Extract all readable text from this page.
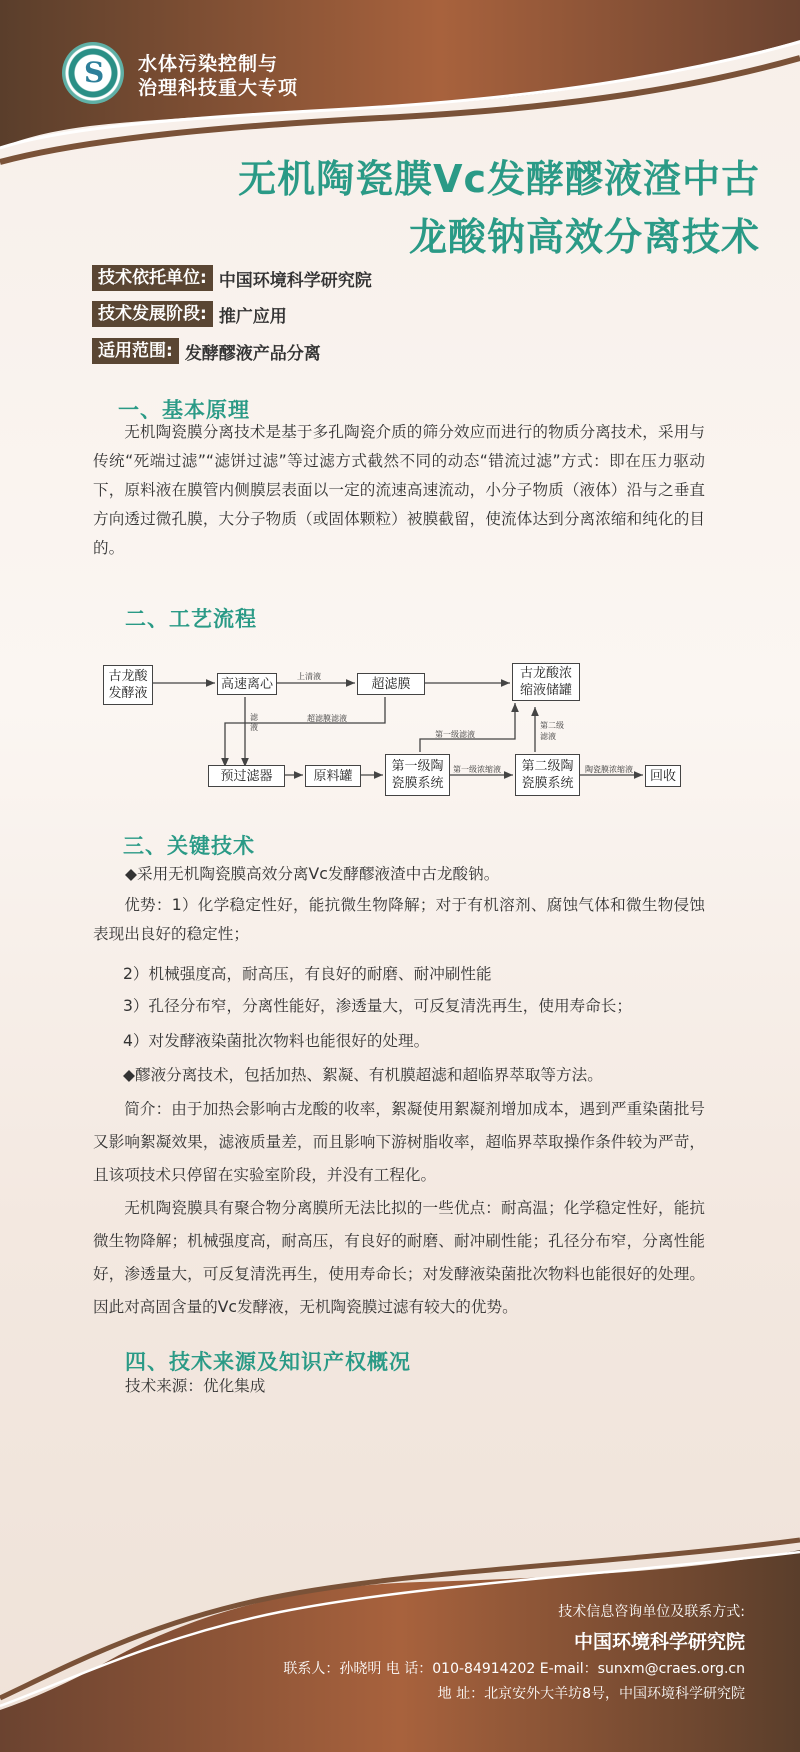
S 水体污染控制与
治理科技重大专项
无机陶瓷膜Vc发酵醪液渣中古
龙酸钠高效分离技术
技术依托单位: 中国环境科学研究院
技术发展阶段: 推广应用
适用范围: 发酵醪液产品分离
一、基本原理

无机陶瓷膜分离技术是基于多孔陶瓷介质的筛分效应而进行的物质分离技术，采用与传统“死端过滤”“滤饼过滤”等过滤方式截然不同的动态“错流过滤”方式：即在压力驱动下，原料液在膜管内侧膜层表面以一定的流速高速流动，小分子物质（液体）沿与之垂直方向透过微孔膜，大分子物质（或固体颗粒）被膜截留，使流体达到分离浓缩和纯化的目的。

二、工艺流程
古龙酸
发酵液
高速离心	超滤膜
古龙酸浓
缩液储罐
预过滤器	原料罐
第一级陶
瓷膜系统
第二级陶
瓷膜系统	回收
上清液
滤
液
超滤膜滤液
第一级滤液
第一级浓缩液
第二级
滤液
陶瓷膜浓缩液
三、关键技术
◆采用无机陶瓷膜高效分离Vc发酵醪液渣中古龙酸钠。

优势：1）化学稳定性好，能抗微生物降解；对于有机溶剂、腐蚀气体和微生物侵蚀表现出良好的稳定性；

2）机械强度高，耐高压，有良好的耐磨、耐冲刷性能
3）孔径分布窄，分离性能好，渗透量大，可反复清洗再生，使用寿命长；
4）对发酵液染菌批次物料也能很好的处理。
◆醪液分离技术，包括加热、絮凝、有机膜超滤和超临界萃取等方法。

简介：由于加热会影响古龙酸的收率，絮凝使用絮凝剂增加成本，遇到严重染菌批号又影响絮凝效果，滤液质量差，而且影响下游树脂收率，超临界萃取操作条件较为严苛，且该项技术只停留在实验室阶段，并没有工程化。

无机陶瓷膜具有聚合物分离膜所无法比拟的一些优点：耐高温；化学稳定性好，能抗微生物降解；机械强度高，耐高压，有良好的耐磨、耐冲刷性能；孔径分布窄，分离性能好，渗透量大，可反复清洗再生，使用寿命长；对发酵液染菌批次物料也能很好的处理。因此对高固含量的Vc发酵液，无机陶瓷膜过滤有较大的优势。

四、技术来源及知识产权概况
技术来源：优化集成
技术信息咨询单位及联系方式:
中国环境科学研究院
联系人：孙晓明 电 话：010-84914202 E-mail：sunxm@craes.org.cn
地 址：北京安外大羊坊8号，中国环境科学研究院
